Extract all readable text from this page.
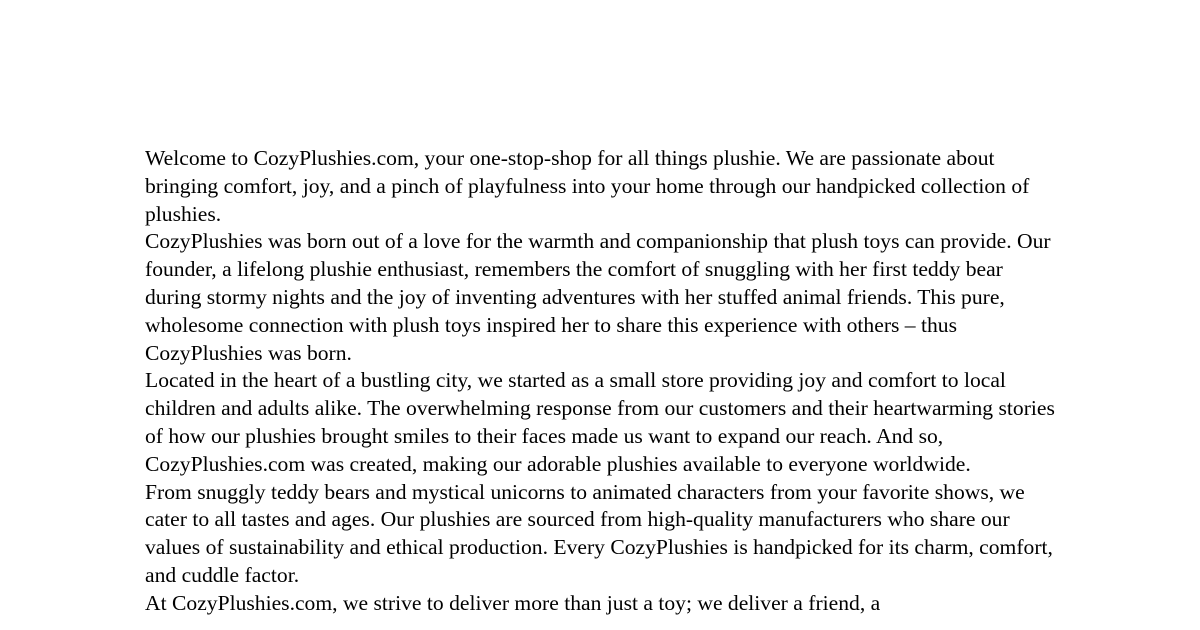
Welcome to CozyPlushies.com, your one-stop-shop for all things plushie. We are passionate about bringing comfort, joy, and a pinch of playfulness into your home through our handpicked collection of plushies.

CozyPlushies was born out of a love for the warmth and companionship that plush toys can provide. Our founder, a lifelong plushie enthusiast, remembers the comfort of snuggling with her first teddy bear during stormy nights and the joy of inventing adventures with her stuffed animal friends. This pure, wholesome connection with plush toys inspired her to share this experience with others – thus CozyPlushies was born.

Located in the heart of a bustling city, we started as a small store providing joy and comfort to local children and adults alike. The overwhelming response from our customers and their heartwarming stories of how our plushies brought smiles to their faces made us want to expand our reach. And so, CozyPlushies.com was created, making our adorable plushies available to everyone worldwide.

From snuggly teddy bears and mystical unicorns to animated characters from your favorite shows, we cater to all tastes and ages. Our plushies are sourced from high-quality manufacturers who share our values of sustainability and ethical production. Every CozyPlushies is handpicked for its charm, comfort, and cuddle factor.

At CozyPlushies.com, we strive to deliver more than just a toy; we deliver a friend, a
